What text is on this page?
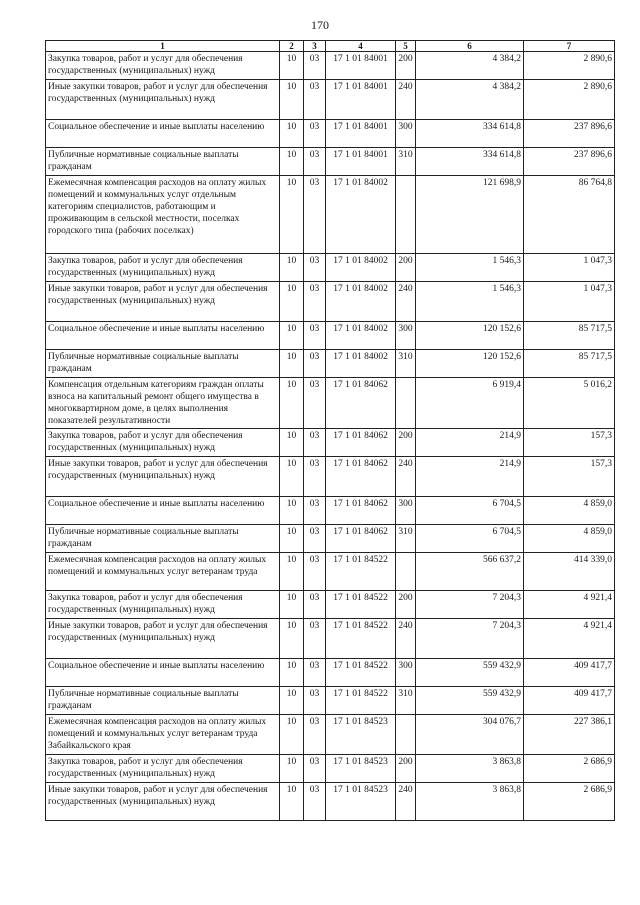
170
1	2	3	4	5	6	7
Закупка товаров, работ и услуг для обеспечения государственных (муниципальных) нужд	10	03	17 1 01 84001	200	4 384,2	2 890,6
Иные закупки товаров, работ и услуг для обеспечения государственных (муниципальных) нужд	10	03	17 1 01 84001	240	4 384,2	2 890,6
Социальное обеспечение и иные выплаты населению	10	03	17 1 01 84001	300	334 614,8	237 896,6
Публичные нормативные социальные выплаты гражданам	10	03	17 1 01 84001	310	334 614,8	237 896,6
Ежемесячная компенсация расходов на оплату жилых помещений и коммунальных услуг отдельным категориям специалистов, работающим и проживающим в сельской местности, поселках городского типа (рабочих поселках)	10	03	17 1 01 84002		121 698,9	86 764,8
Закупка товаров, работ и услуг для обеспечения государственных (муниципальных) нужд	10	03	17 1 01 84002	200	1 546,3	1 047,3
Иные закупки товаров, работ и услуг для обеспечения государственных (муниципальных) нужд	10	03	17 1 01 84002	240	1 546,3	1 047,3
Социальное обеспечение и иные выплаты населению	10	03	17 1 01 84002	300	120 152,6	85 717,5
Публичные нормативные социальные выплаты гражданам	10	03	17 1 01 84002	310	120 152,6	85 717,5
Компенсация отдельным категориям граждан оплаты взноса на капитальный ремонт общего имущества в многоквартирном доме, в целях выполнения показателей результативности	10	03	17 1 01 84062		6 919,4	5 016,2
Закупка товаров, работ и услуг для обеспечения государственных (муниципальных) нужд	10	03	17 1 01 84062	200	214,9	157,3
Иные закупки товаров, работ и услуг для обеспечения государственных (муниципальных) нужд	10	03	17 1 01 84062	240	214,9	157,3
Социальное обеспечение и иные выплаты населению	10	03	17 1 01 84062	300	6 704,5	4 859,0
Публичные нормативные социальные выплаты гражданам	10	03	17 1 01 84062	310	6 704,5	4 859,0
Ежемесячная компенсация расходов на оплату жилых помещений и коммунальных услуг ветеранам труда	10	03	17 1 01 84522		566 637,2	414 339,0
Закупка товаров, работ и услуг для обеспечения государственных (муниципальных) нужд	10	03	17 1 01 84522	200	7 204,3	4 921,4
Иные закупки товаров, работ и услуг для обеспечения государственных (муниципальных) нужд	10	03	17 1 01 84522	240	7 204,3	4 921,4
Социальное обеспечение и иные выплаты населению	10	03	17 1 01 84522	300	559 432,9	409 417,7
Публичные нормативные социальные выплаты гражданам	10	03	17 1 01 84522	310	559 432,9	409 417,7
Ежемесячная компенсация расходов на оплату жилых помещений и коммунальных услуг ветеранам труда Забайкальского края	10	03	17 1 01 84523		304 076,7	227 386,1
Закупка товаров, работ и услуг для обеспечения государственных (муниципальных) нужд	10	03	17 1 01 84523	200	3 863,8	2 686,9
Иные закупки товаров, работ и услуг для обеспечения государственных (муниципальных) нужд	10	03	17 1 01 84523	240	3 863,8	2 686,9
